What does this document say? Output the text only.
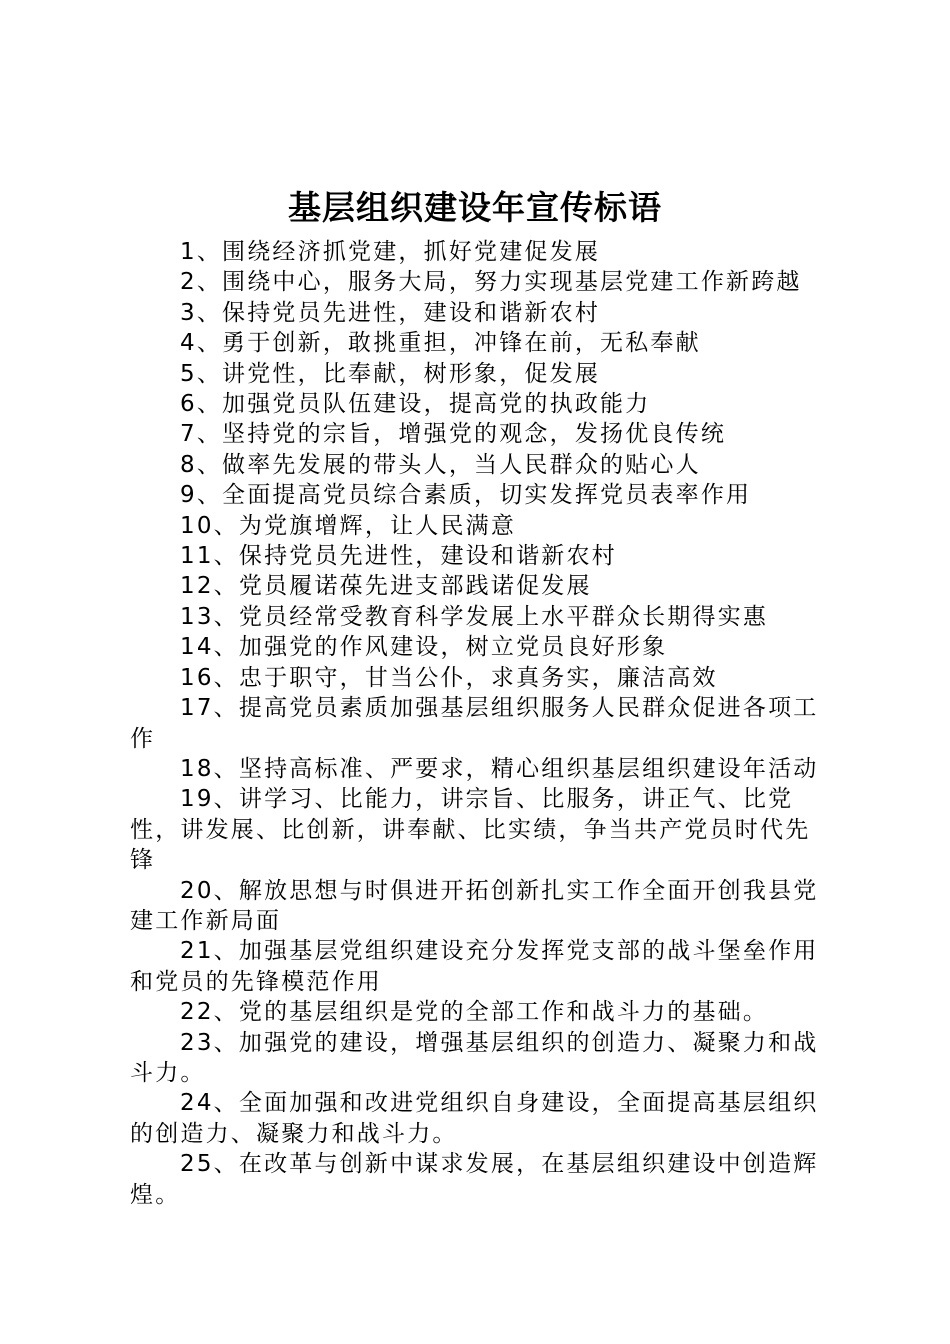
基层组织建设年宣传标语

1、围绕经济抓党建，抓好党建促发展

2、围绕中心，服务大局，努力实现基层党建工作新跨越

3、保持党员先进性，建设和谐新农村

4、勇于创新，敢挑重担，冲锋在前，无私奉献

5、讲党性，比奉献，树形象，促发展

6、加强党员队伍建设，提高党的执政能力

7、坚持党的宗旨，增强党的观念，发扬优良传统

8、做率先发展的带头人，当人民群众的贴心人

9、全面提高党员综合素质，切实发挥党员表率作用

10、为党旗增辉，让人民满意

11、保持党员先进性，建设和谐新农村

12、党员履诺葆先进支部践诺促发展

13、党员经常受教育科学发展上水平群众长期得实惠

14、加强党的作风建设，树立党员良好形象

16、忠于职守，甘当公仆，求真务实，廉洁高效

17、提高党员素质加强基层组织服务人民群众促进各项工作

18、坚持高标准、严要求，精心组织基层组织建设年活动

19、讲学习、比能力，讲宗旨、比服务，讲正气、比党性，讲发展、比创新，讲奉献、比实绩，争当共产党员时代先锋

20、解放思想与时俱进开拓创新扎实工作全面开创我县党建工作新局面

21、加强基层党组织建设充分发挥党支部的战斗堡垒作用和党员的先锋模范作用

22、党的基层组织是党的全部工作和战斗力的基础。

23、加强党的建设，增强基层组织的创造力、凝聚力和战斗力。

24、全面加强和改进党组织自身建设，全面提高基层组织的创造力、凝聚力和战斗力。

25、在改革与创新中谋求发展，在基层组织建设中创造辉煌。
